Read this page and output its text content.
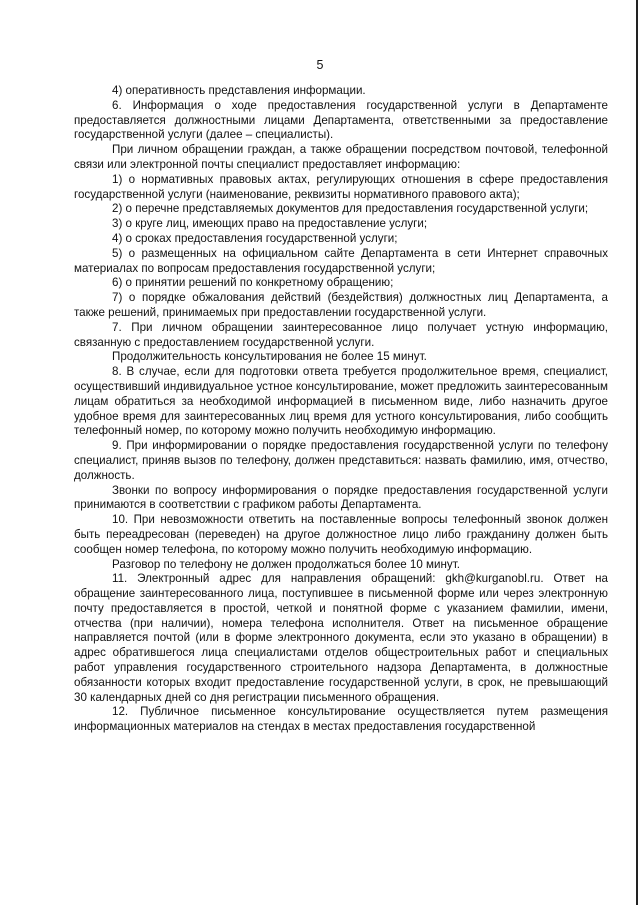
5

4) оперативность представления информации.

6. Информация о ходе предоставления государственной услуги в Департаменте предоставляется должностными лицами Департамента, ответственными за предоставление государственной услуги (далее – специалисты).

При личном обращении граждан, а также обращении посредством почтовой, телефонной связи или электронной почты специалист предоставляет информацию:

1) о нормативных правовых актах, регулирующих отношения в сфере предоставления государственной услуги (наименование, реквизиты нормативного правового акта);

2) о перечне представляемых документов для предоставления государственной услуги;

3) о круге лиц, имеющих право на предоставление услуги;

4) о сроках предоставления государственной услуги;

5) о размещенных на официальном сайте Департамента в сети Интернет справочных материалах по вопросам предоставления государственной услуги;

6) о принятии решений по конкретному обращению;

7) о порядке обжалования действий (бездействия) должностных лиц Департамента, а также решений, принимаемых при предоставлении государственной услуги.

7. При личном обращении заинтересованное лицо получает устную информацию, связанную с предоставлением государственной услуги.

Продолжительность консультирования не более 15 минут.

8. В случае, если для подготовки ответа требуется продолжительное время, специалист, осуществивший индивидуальное устное консультирование, может предложить заинтересованным лицам обратиться за необходимой информацией в письменном виде, либо назначить другое удобное время для заинтересованных лиц время для устного консультирования, либо сообщить телефонный номер, по которому можно получить необходимую информацию.

9. При информировании о порядке предоставления государственной услуги по телефону специалист, приняв вызов по телефону, должен представиться: назвать фамилию, имя, отчество, должность.

Звонки по вопросу информирования о порядке предоставления государственной услуги принимаются в соответствии с графиком работы Департамента.

10. При невозможности ответить на поставленные вопросы телефонный звонок должен быть переадресован (переведен) на другое должностное лицо либо гражданину должен быть сообщен номер телефона, по которому можно получить необходимую информацию.

Разговор по телефону не должен продолжаться более 10 минут.

11. Электронный адрес для направления обращений: gkh@kurganobl.ru. Ответ на обращение заинтересованного лица, поступившее в письменной форме или через электронную почту предоставляется в простой, четкой и понятной форме с указанием фамилии, имени, отчества (при наличии), номера телефона исполнителя. Ответ на письменное обращение направляется почтой (или в форме электронного документа, если это указано в обращении) в адрес обратившегося лица специалистами отделов общестроительных работ и специальных работ управления государственного строительного надзора Департамента, в должностные обязанности которых входит предоставление государственной услуги, в срок, не превышающий 30 календарных дней со дня регистрации письменного обращения.

12. Публичное письменное консультирование осуществляется путем размещения информационных материалов на стендах в местах предоставления государственной
